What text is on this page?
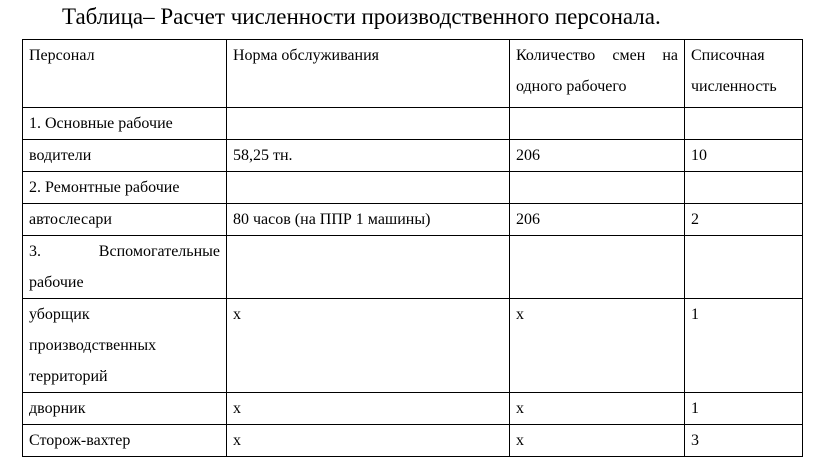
Таблица– Расчет численности производственного персонала.
Персонал	Норма обслуживания	Количество смен на одного рабочего	Списочная численность
1. Основные рабочие			
водители	58,25 тн.	206	10
2. Ремонтные рабочие			
автослесари	80 часов (на ППР 1 машины)	206	2
3. Вспомогательные рабочие			
уборщик производственных территорий	х	х	1
дворник	х	х	1
Сторож-вахтер	х	х	3
